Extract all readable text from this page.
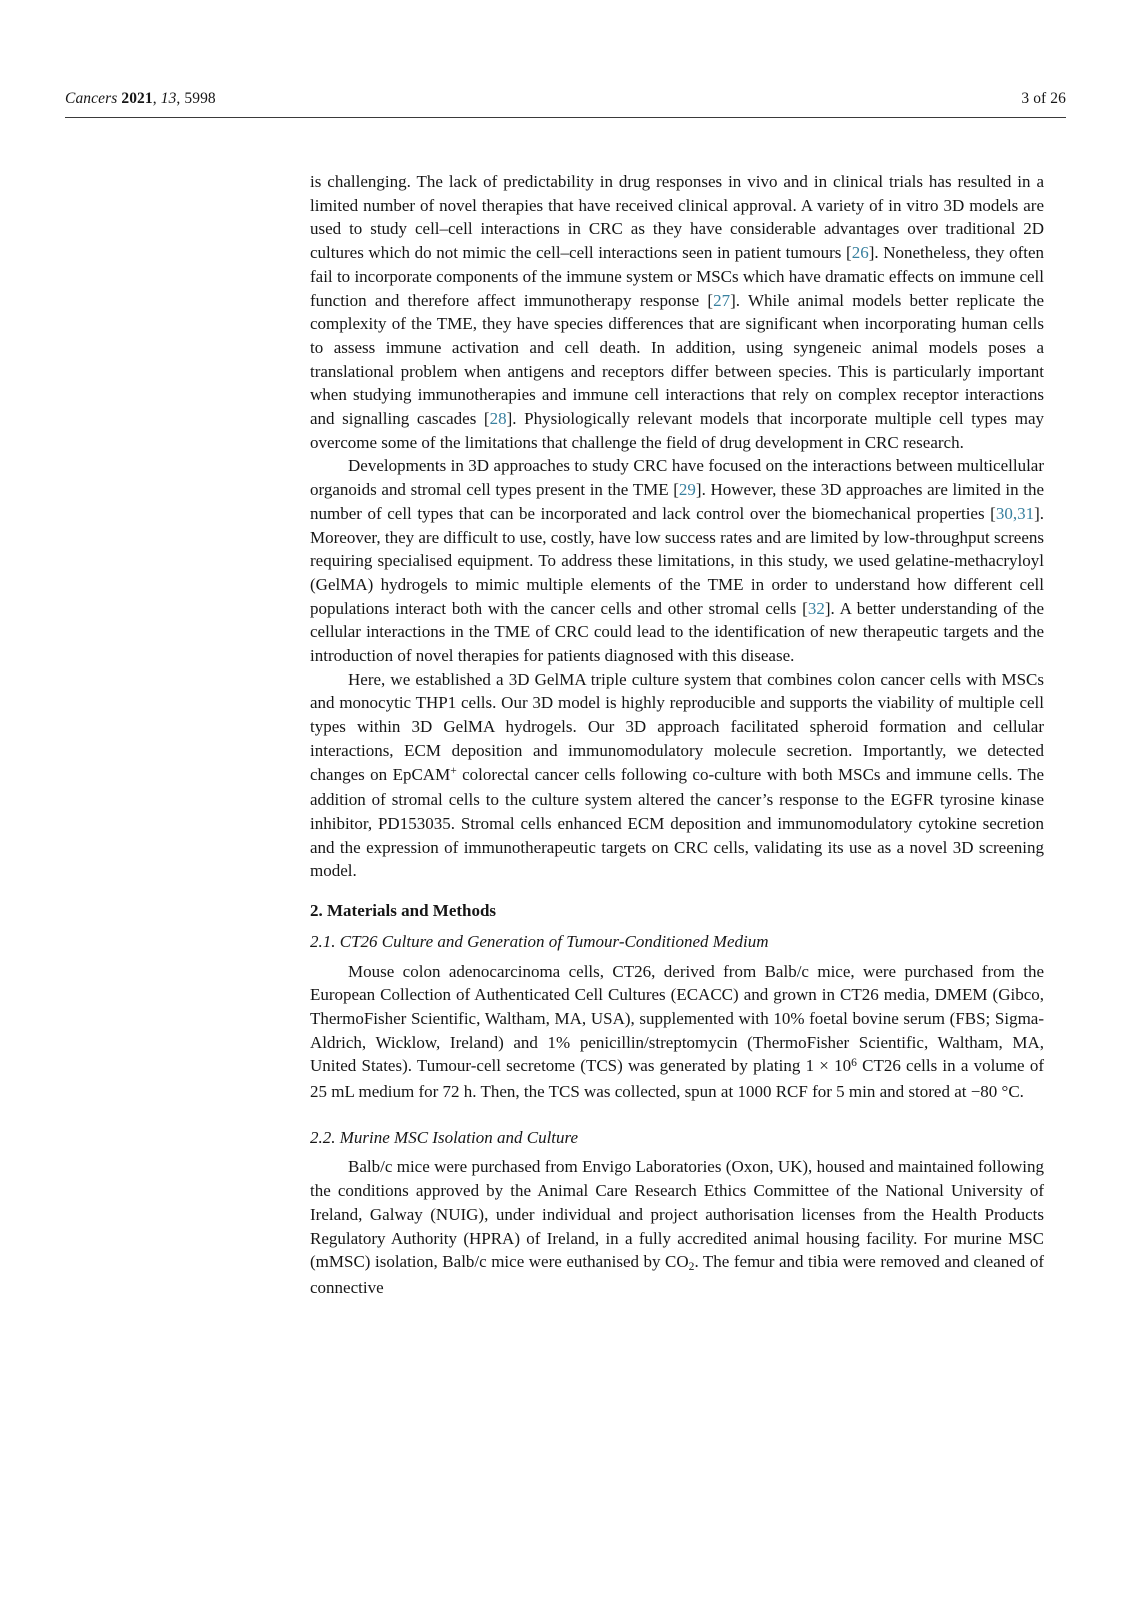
Cancers 2021, 13, 5998	3 of 26

is challenging. The lack of predictability in drug responses in vivo and in clinical trials has resulted in a limited number of novel therapies that have received clinical approval. A variety of in vitro 3D models are used to study cell–cell interactions in CRC as they have considerable advantages over traditional 2D cultures which do not mimic the cell–cell interactions seen in patient tumours [26]. Nonetheless, they often fail to incorporate components of the immune system or MSCs which have dramatic effects on immune cell function and therefore affect immunotherapy response [27]. While animal models better replicate the complexity of the TME, they have species differences that are significant when incorporating human cells to assess immune activation and cell death. In addition, using syngeneic animal models poses a translational problem when antigens and receptors differ between species. This is particularly important when studying immunotherapies and immune cell interactions that rely on complex receptor interactions and signalling cascades [28]. Physiologically relevant models that incorporate multiple cell types may overcome some of the limitations that challenge the field of drug development in CRC research.

Developments in 3D approaches to study CRC have focused on the interactions between multicellular organoids and stromal cell types present in the TME [29]. However, these 3D approaches are limited in the number of cell types that can be incorporated and lack control over the biomechanical properties [30,31]. Moreover, they are difficult to use, costly, have low success rates and are limited by low-throughput screens requiring specialised equipment. To address these limitations, in this study, we used gelatine-methacryloyl (GelMA) hydrogels to mimic multiple elements of the TME in order to understand how different cell populations interact both with the cancer cells and other stromal cells [32]. A better understanding of the cellular interactions in the TME of CRC could lead to the identification of new therapeutic targets and the introduction of novel therapies for patients diagnosed with this disease.

Here, we established a 3D GelMA triple culture system that combines colon cancer cells with MSCs and monocytic THP1 cells. Our 3D model is highly reproducible and supports the viability of multiple cell types within 3D GelMA hydrogels. Our 3D approach facilitated spheroid formation and cellular interactions, ECM deposition and immunomodulatory molecule secretion. Importantly, we detected changes on EpCAM+ colorectal cancer cells following co-culture with both MSCs and immune cells. The addition of stromal cells to the culture system altered the cancer’s response to the EGFR tyrosine kinase inhibitor, PD153035. Stromal cells enhanced ECM deposition and immunomodulatory cytokine secretion and the expression of immunotherapeutic targets on CRC cells, validating its use as a novel 3D screening model.

2. Materials and Methods
2.1. CT26 Culture and Generation of Tumour-Conditioned Medium

Mouse colon adenocarcinoma cells, CT26, derived from Balb/c mice, were purchased from the European Collection of Authenticated Cell Cultures (ECACC) and grown in CT26 media, DMEM (Gibco, ThermoFisher Scientific, Waltham, MA, USA), supplemented with 10% foetal bovine serum (FBS; Sigma-Aldrich, Wicklow, Ireland) and 1% penicillin/streptomycin (ThermoFisher Scientific, Waltham, MA, United States). Tumour-cell secretome (TCS) was generated by plating $1 \times 10^6$ CT26 cells in a volume of 25 mL medium for 72 h. Then, the TCS was collected, spun at 1000 RCF for 5 min and stored at −80 °C.

2.2. Murine MSC Isolation and Culture

Balb/c mice were purchased from Envigo Laboratories (Oxon, UK), housed and maintained following the conditions approved by the Animal Care Research Ethics Committee of the National University of Ireland, Galway (NUIG), under individual and project authorisation licenses from the Health Products Regulatory Authority (HPRA) of Ireland, in a fully accredited animal housing facility. For murine MSC (mMSC) isolation, Balb/c mice were euthanised by CO2. The femur and tibia were removed and cleaned of connective
